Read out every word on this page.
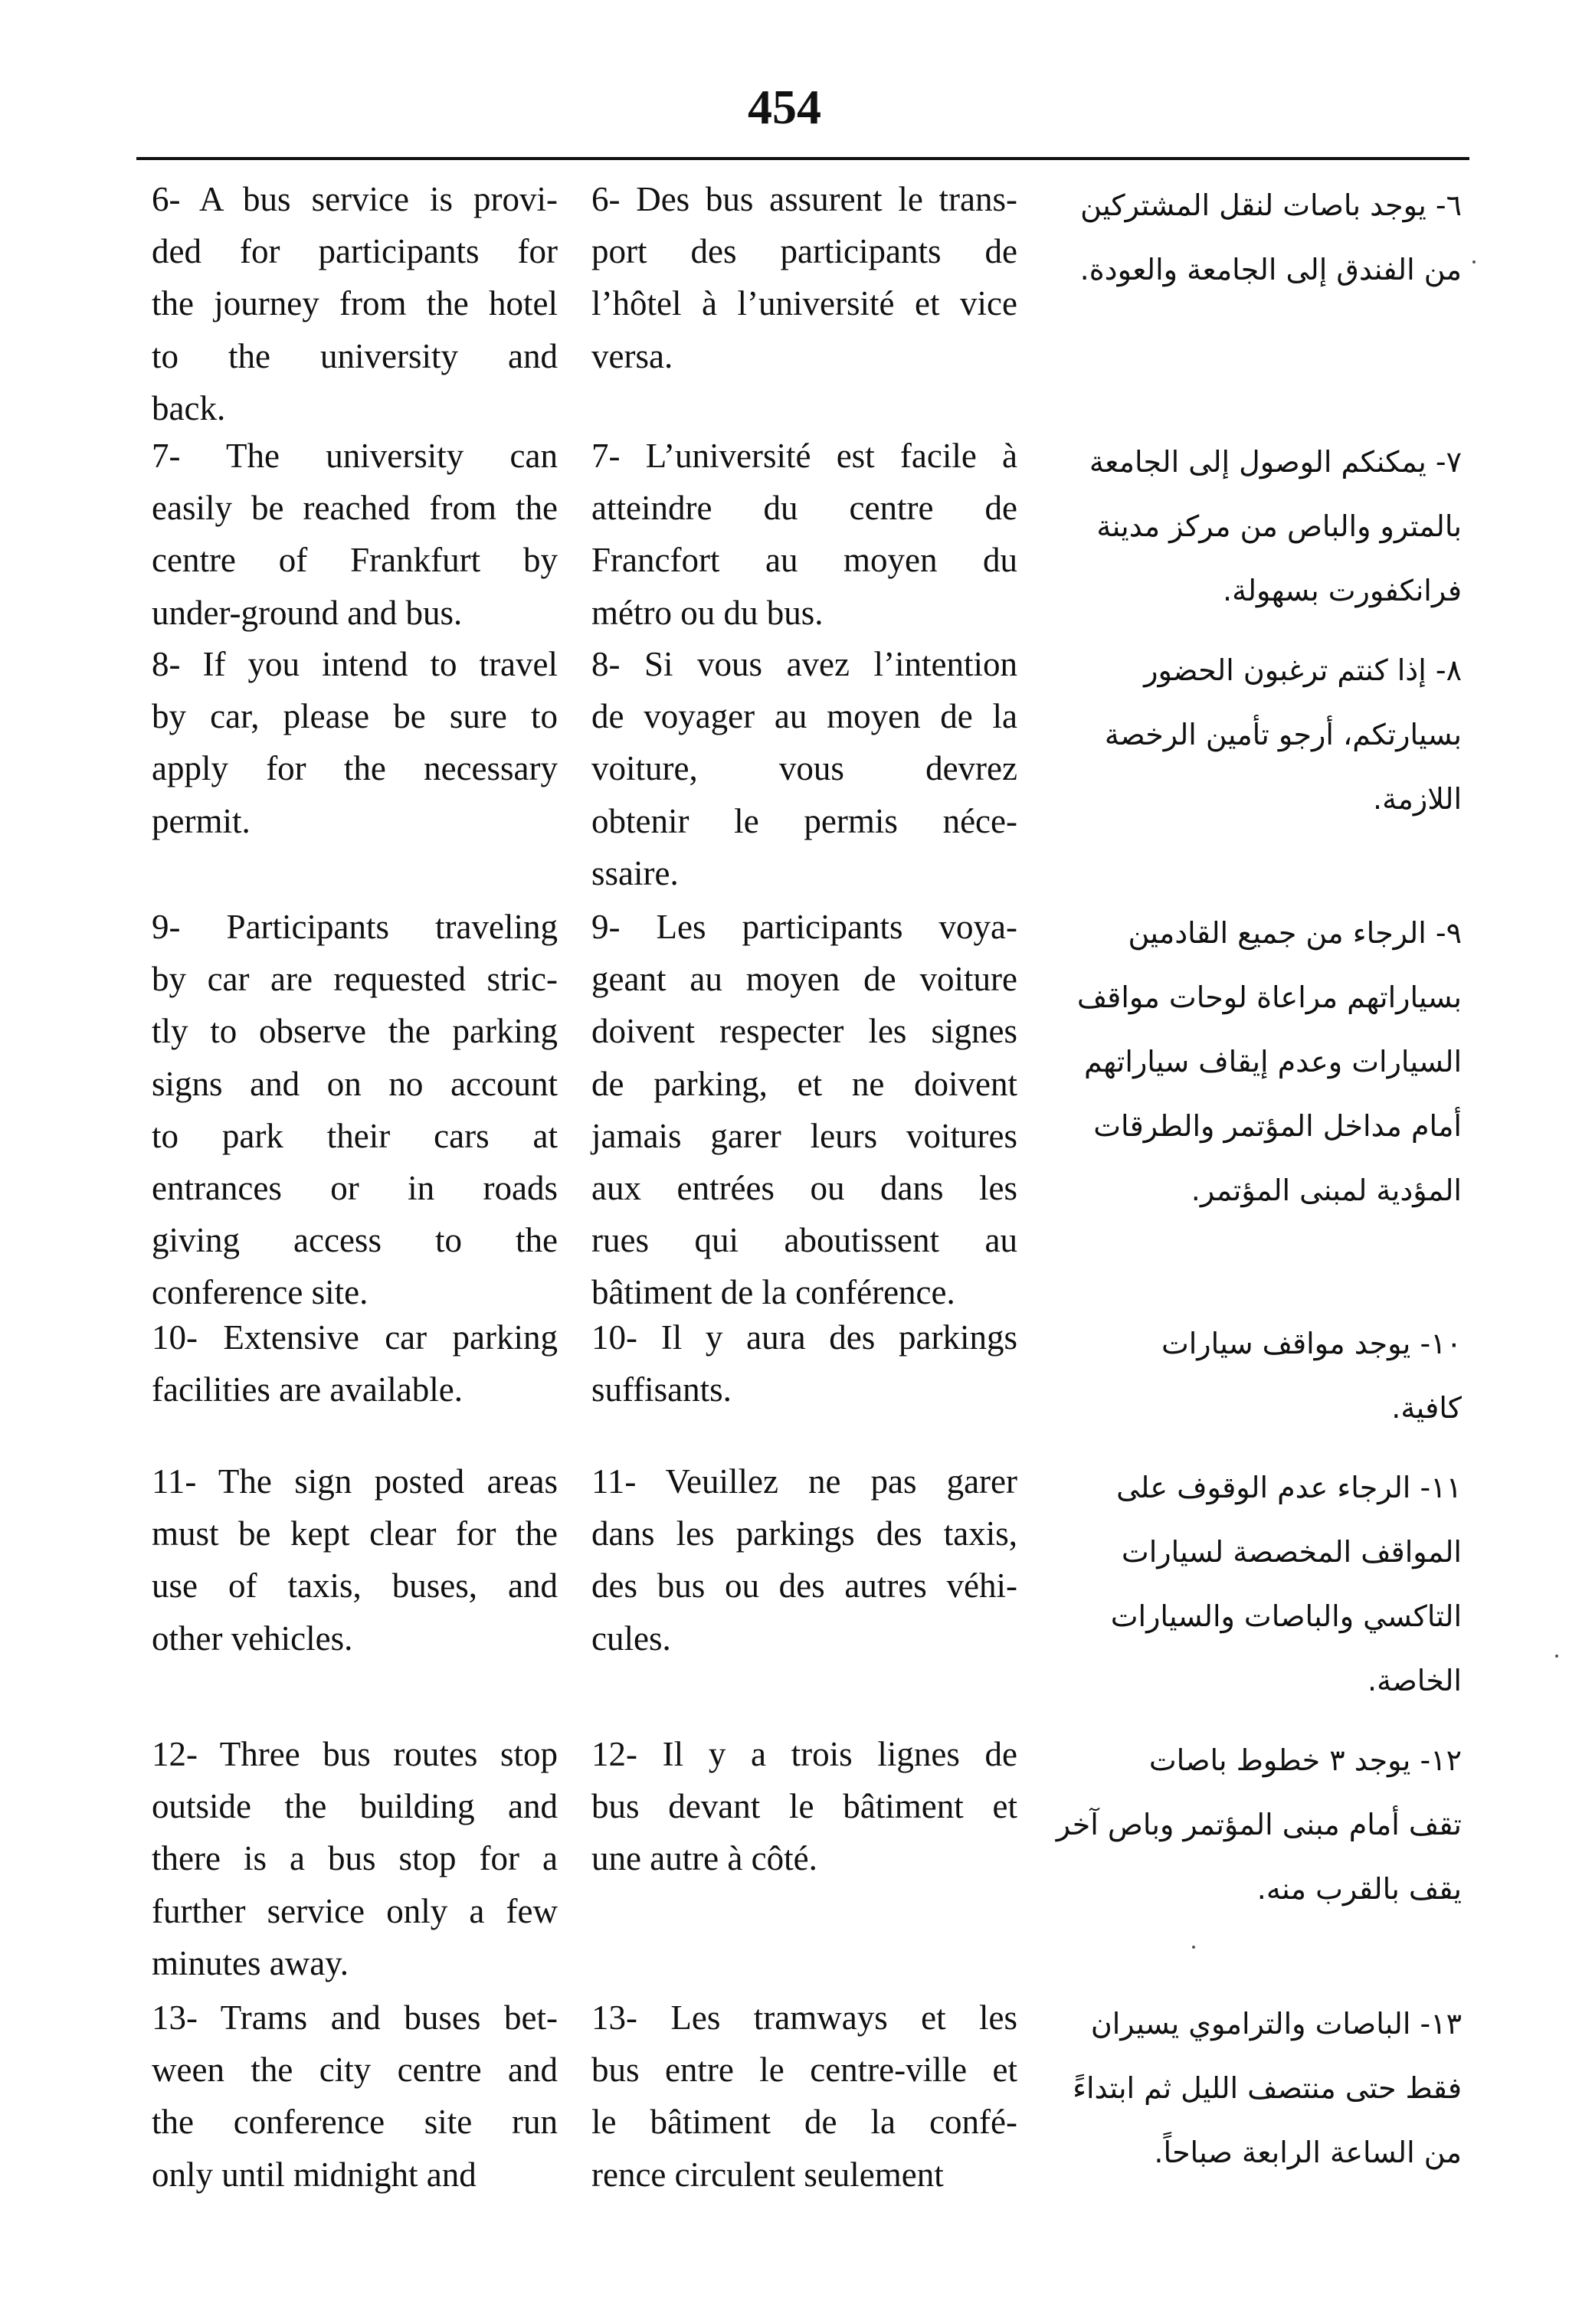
454
6- A bus service is provi-
ded for participants for
the journey from the hotel
to the university and
back.
6- Des bus assurent le trans-
port des participants de
l’hôtel à l’université et vice
versa.
٦- يوجد باصات لنقل المشتركين
من الفندق إلى الجامعة والعودة.
7- The university can
easily be reached from the
centre of Frankfurt by
under-ground and bus.
7- L’université est facile à
atteindre du centre de
Francfort au moyen du
métro ou du bus.
٧- يمكنكم الوصول إلى الجامعة
بالمترو والباص من مركز مدينة
فرانكفورت بسهولة.
8- If you intend to travel
by car, please be sure to
apply for the necessary
permit.
8- Si vous avez l’intention
de voyager au moyen de la
voiture, vous devrez
obtenir le permis néce-
ssaire.
٨- إذا كنتم ترغبون الحضور
بسيارتكم، أرجو تأمين الرخصة
اللازمة.
9- Participants traveling
by car are requested stric-
tly to observe the parking
signs and on no account
to park their cars at
entrances or in roads
giving access to the
conference site.
9- Les participants voya-
geant au moyen de voiture
doivent respecter les signes
de parking, et ne doivent
jamais garer leurs voitures
aux entrées ou dans les
rues qui aboutissent au
bâtiment de la conférence.
٩- الرجاء من جميع القادمين
بسياراتهم مراعاة لوحات مواقف
السيارات وعدم إيقاف سياراتهم
أمام مداخل المؤتمر والطرقات
المؤدية لمبنى المؤتمر.
10- Extensive car parking
facilities are available.
10- Il y aura des parkings
suffisants.
١٠- يوجد مواقف سيارات
كافية.
11- The sign posted areas
must be kept clear for the
use of taxis, buses, and
other vehicles.
11- Veuillez ne pas garer
dans les parkings des taxis,
des bus ou des autres véhi-
cules.
١١- الرجاء عدم الوقوف على
المواقف المخصصة لسيارات
التاكسي والباصات والسيارات
الخاصة.
12- Three bus routes stop
outside the building and
there is a bus stop for a
further service only a few
minutes away.
12- Il y a trois lignes de
bus devant le bâtiment et
une autre à côté.
١٢- يوجد ٣ خطوط باصات
تقف أمام مبنى المؤتمر وباص آخر
يقف بالقرب منه.
13- Trams and buses bet-
ween the city centre and
the conference site run
only until midnight and
13- Les tramways et les
bus entre le centre-ville et
le bâtiment de la confé-
rence circulent seulement
١٣- الباصات والتراموي يسيران
فقط حتى منتصف الليل ثم ابتداءً
من الساعة الرابعة صباحاً.
